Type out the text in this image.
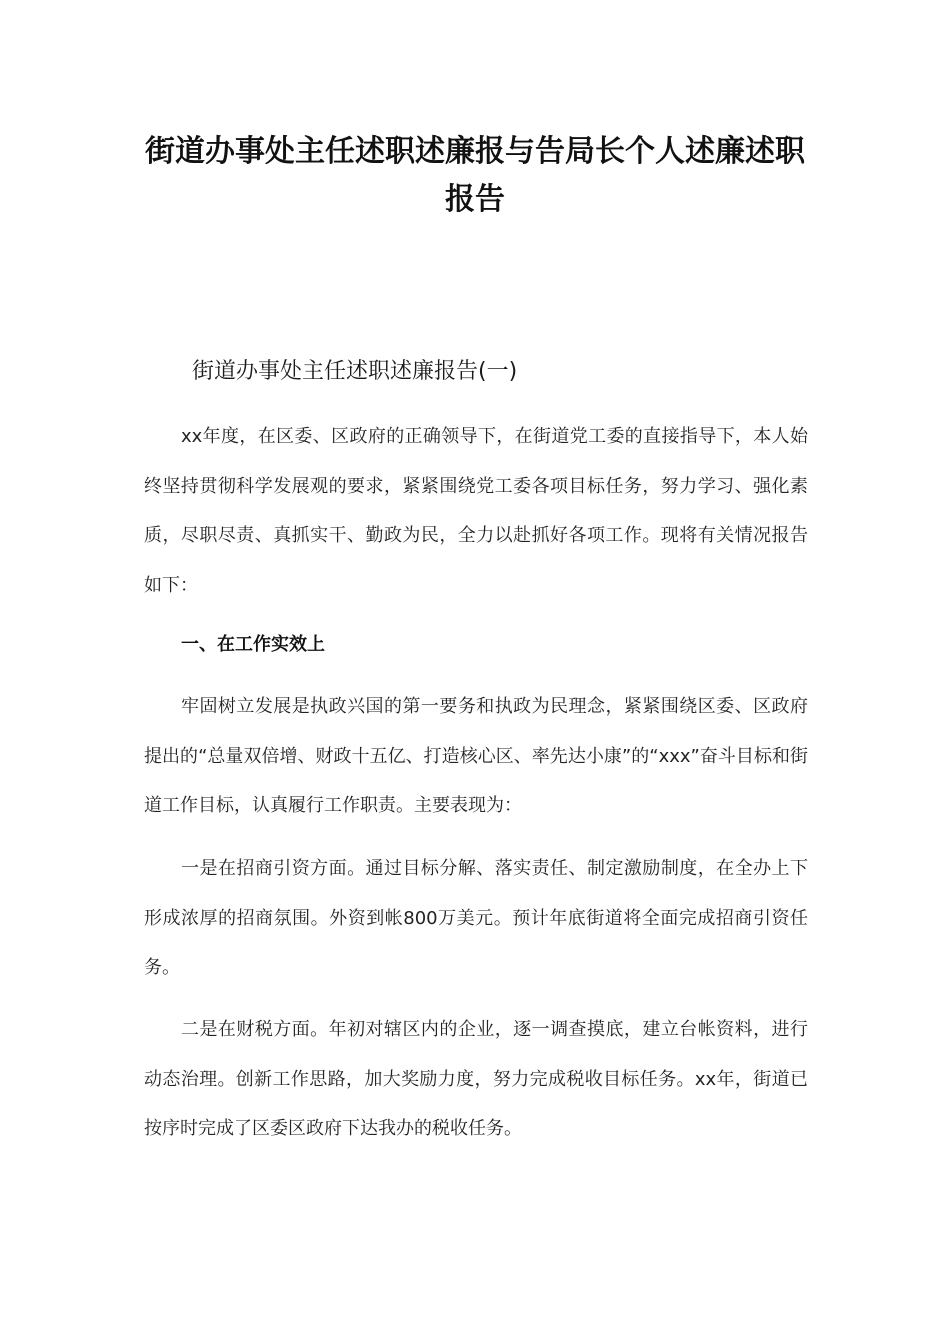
街道办事处主任述职述廉报与告局长个人述廉述职报告
街道办事处主任述职述廉报告(一)

xx年度，在区委、区政府的正确领导下，在街道党工委的直接指导下，本人始终坚持贯彻科学发展观的要求，紧紧围绕党工委各项目标任务，努力学习、强化素质，尽职尽责、真抓实干、勤政为民，全力以赴抓好各项工作。现将有关情况报告如下：

一、在工作实效上

牢固树立发展是执政兴国的第一要务和执政为民理念，紧紧围绕区委、区政府提出的“总量双倍增、财政十五亿、打造核心区、率先达小康”的“xxx”奋斗目标和街道工作目标，认真履行工作职责。主要表现为：

一是在招商引资方面。通过目标分解、落实责任、制定激励制度，在全办上下形成浓厚的招商氛围。外资到帐800万美元。预计年底街道将全面完成招商引资任务。

二是在财税方面。年初对辖区内的企业，逐一调查摸底，建立台帐资料，进行动态治理。创新工作思路，加大奖励力度，努力完成税收目标任务。xx年，街道已按序时完成了区委区政府下达我办的税收任务。
